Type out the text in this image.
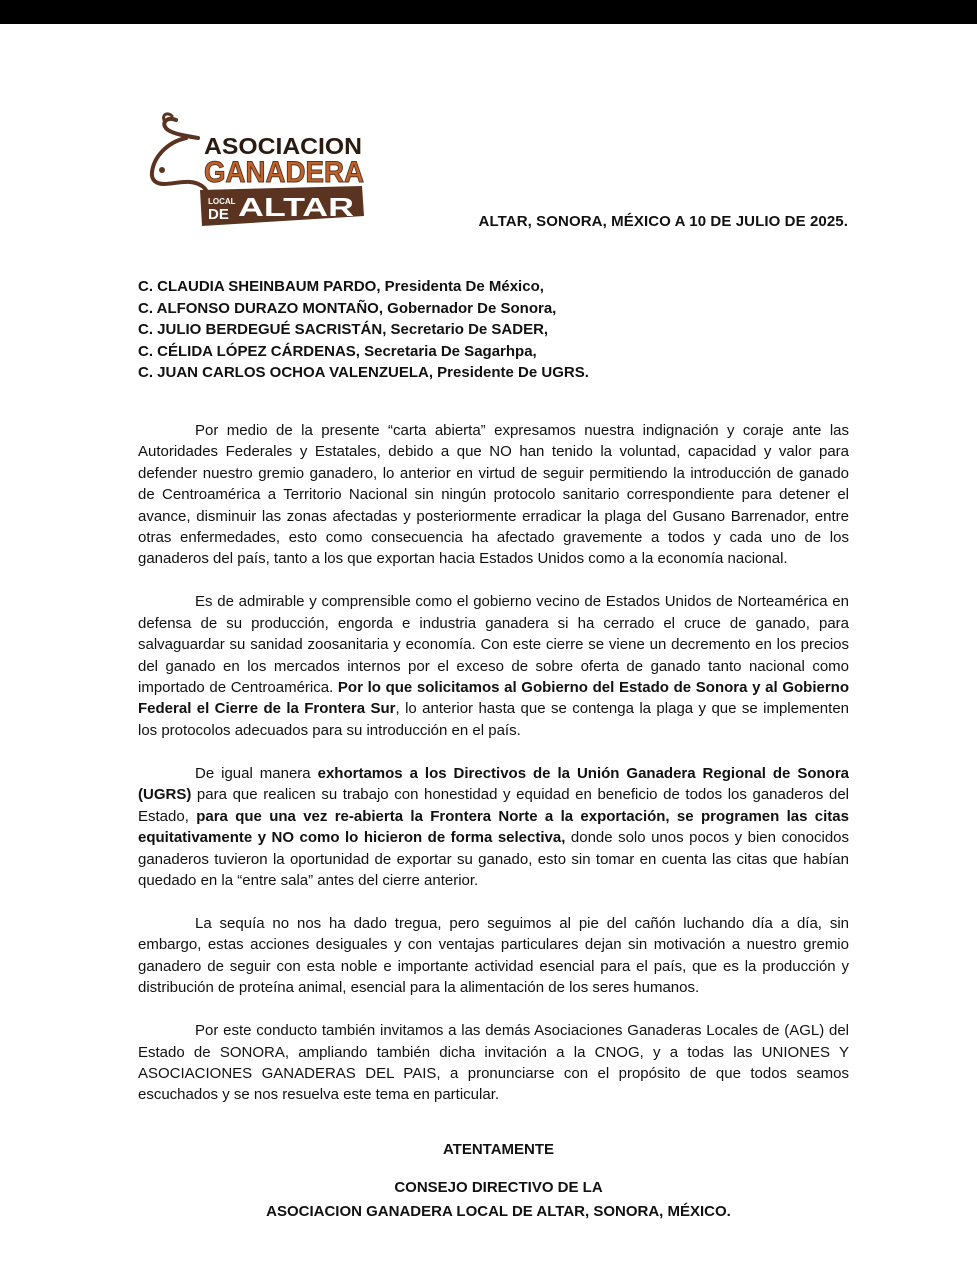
ASOCIACION
GANADERA
LOCAL
DE ALTAR	ALTAR, SONORA, MÉXICO A 10 DE JULIO DE 2025.
C. CLAUDIA SHEINBAUM PARDO, Presidenta De México,
C. ALFONSO DURAZO MONTAÑO, Gobernador De Sonora,
C. JULIO BERDEGUÉ SACRISTÁN, Secretario De SADER,
C. CÉLIDA LÓPEZ CÁRDENAS, Secretaria De Sagarhpa,
C. JUAN CARLOS OCHOA VALENZUELA, Presidente De UGRS.

Por medio de la presente “carta abierta” expresamos nuestra indignación y coraje ante las Autoridades Federales y Estatales, debido a que NO han tenido la voluntad, capacidad y valor para defender nuestro gremio ganadero, lo anterior en virtud de seguir permitiendo la introducción de ganado de Centroamérica a Territorio Nacional sin ningún protocolo sanitario correspondiente para detener el avance, disminuir las zonas afectadas y posteriormente erradicar la plaga del Gusano Barrenador, entre otras enfermedades, esto como consecuencia ha afectado gravemente a todos y cada uno de los ganaderos del país, tanto a los que exportan hacia Estados Unidos como a la economía nacional.

Es de admirable y comprensible como el gobierno vecino de Estados Unidos de Norteamérica en defensa de su producción, engorda e industria ganadera si ha cerrado el cruce de ganado, para salvaguardar su sanidad zoosanitaria y economía. Con este cierre se viene un decremento en los precios del ganado en los mercados internos por el exceso de sobre oferta de ganado tanto nacional como importado de Centroamérica. Por lo que solicitamos al Gobierno del Estado de Sonora y al Gobierno Federal el Cierre de la Frontera Sur, lo anterior hasta que se contenga la plaga y que se implementen los protocolos adecuados para su introducción en el país.

De igual manera exhortamos a los Directivos de la Unión Ganadera Regional de Sonora (UGRS) para que realicen su trabajo con honestidad y equidad en beneficio de todos los ganaderos del Estado, para que una vez re-abierta la Frontera Norte a la exportación, se programen las citas equitativamente y NO como lo hicieron de forma selectiva, donde solo unos pocos y bien conocidos ganaderos tuvieron la oportunidad de exportar su ganado, esto sin tomar en cuenta las citas que habían quedado en la “entre sala” antes del cierre anterior.

La sequía no nos ha dado tregua, pero seguimos al pie del cañón luchando día a día, sin embargo, estas acciones desiguales y con ventajas particulares dejan sin motivación a nuestro gremio ganadero de seguir con esta noble e importante actividad esencial para el país, que es la producción y distribución de proteína animal, esencial para la alimentación de los seres humanos.

Por este conducto también invitamos a las demás Asociaciones Ganaderas Locales de (AGL) del Estado de SONORA, ampliando también dicha invitación a la CNOG, y a todas las UNIONES Y ASOCIACIONES GANADERAS DEL PAIS, a pronunciarse con el propósito de que todos seamos escuchados y se nos resuelva este tema en particular.

ATENTAMENTE
CONSEJO DIRECTIVO DE LA
ASOCIACION GANADERA LOCAL DE ALTAR, SONORA, MÉXICO.
